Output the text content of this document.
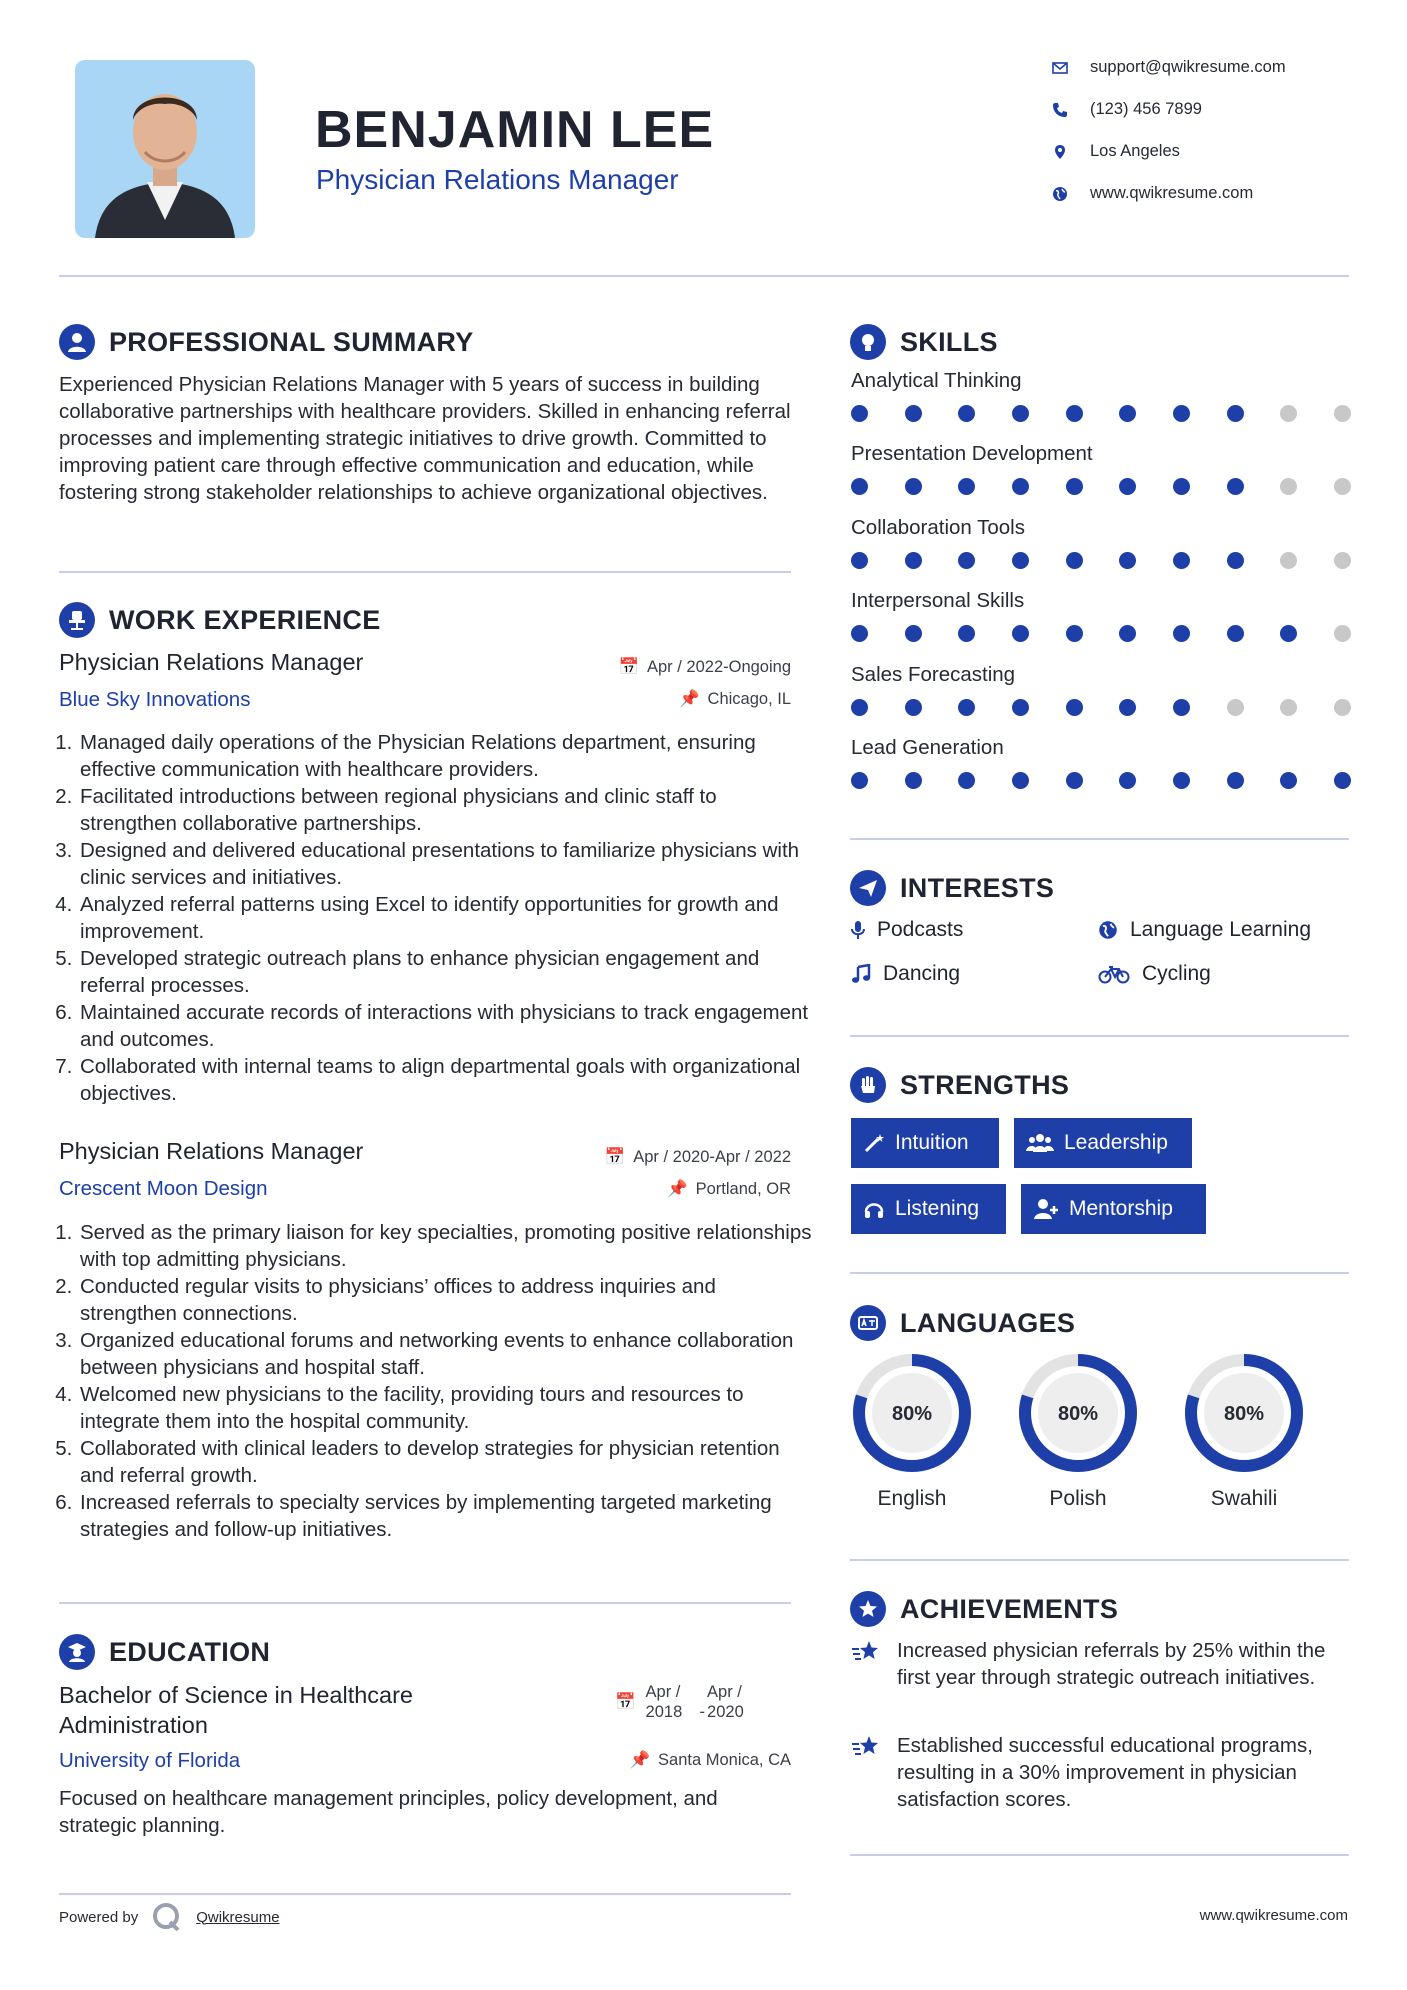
BENJAMIN LEE
Physician Relations Manager
support@qwikresume.com
(123) 456 7899
Los Angeles
www.qwikresume.com
PROFESSIONAL SUMMARY
Experienced Physician Relations Manager with 5 years of success in building collaborative partnerships with healthcare providers. Skilled in enhancing referral processes and implementing strategic initiatives to drive growth. Committed to improving patient care through effective communication and education, while fostering strong stakeholder relationships to achieve organizational objectives.
WORK EXPERIENCE
Physician Relations Manager	📅 Apr / 2022-Ongoing
Blue Sky Innovations	📌 Chicago, IL
1. Managed daily operations of the Physician Relations department, ensuring effective communication with healthcare providers.
2. Facilitated introductions between regional physicians and clinic staff to strengthen collaborative partnerships.
3. Designed and delivered educational presentations to familiarize physicians with clinic services and initiatives.
4. Analyzed referral patterns using Excel to identify opportunities for growth and improvement.
5. Developed strategic outreach plans to enhance physician engagement and referral processes.
6. Maintained accurate records of interactions with physicians to track engagement and outcomes.
7. Collaborated with internal teams to align departmental goals with organizational objectives.
Physician Relations Manager	📅 Apr / 2020-Apr / 2022
Crescent Moon Design	📌 Portland, OR
1. Served as the primary liaison for key specialties, promoting positive relationships with top admitting physicians.
2. Conducted regular visits to physicians’ offices to address inquiries and strengthen connections.
3. Organized educational forums and networking events to enhance collaboration between physicians and hospital staff.
4. Welcomed new physicians to the facility, providing tours and resources to integrate them into the hospital community.
5. Collaborated with clinical leaders to develop strategies for physician retention and referral growth.
6. Increased referrals to specialty services by implementing targeted marketing strategies and follow-up initiatives.
EDUCATION
Bachelor of Science in Healthcare Administration
📅
Apr / 2018	-
Apr / 2020
University of Florida	📌 Santa Monica, CA
Focused on healthcare management principles, policy development, and strategic planning.
Powered by	Qwikresume	www.qwikresume.com
SKILLS
Analytical Thinking
Presentation Development
Collaboration Tools
Interpersonal Skills
Sales Forecasting
Lead Generation
INTERESTS
Podcasts	Language Learning
Dancing	Cycling
STRENGTHS
Intuition	Leadership
Listening	Mentorship
LANGUAGES
80%	80%	80%
English	Polish	Swahili
ACHIEVEMENTS
Increased physician referrals by 25% within the first year through strategic outreach initiatives.
Established successful educational programs, resulting in a 30% improvement in physician satisfaction scores.
